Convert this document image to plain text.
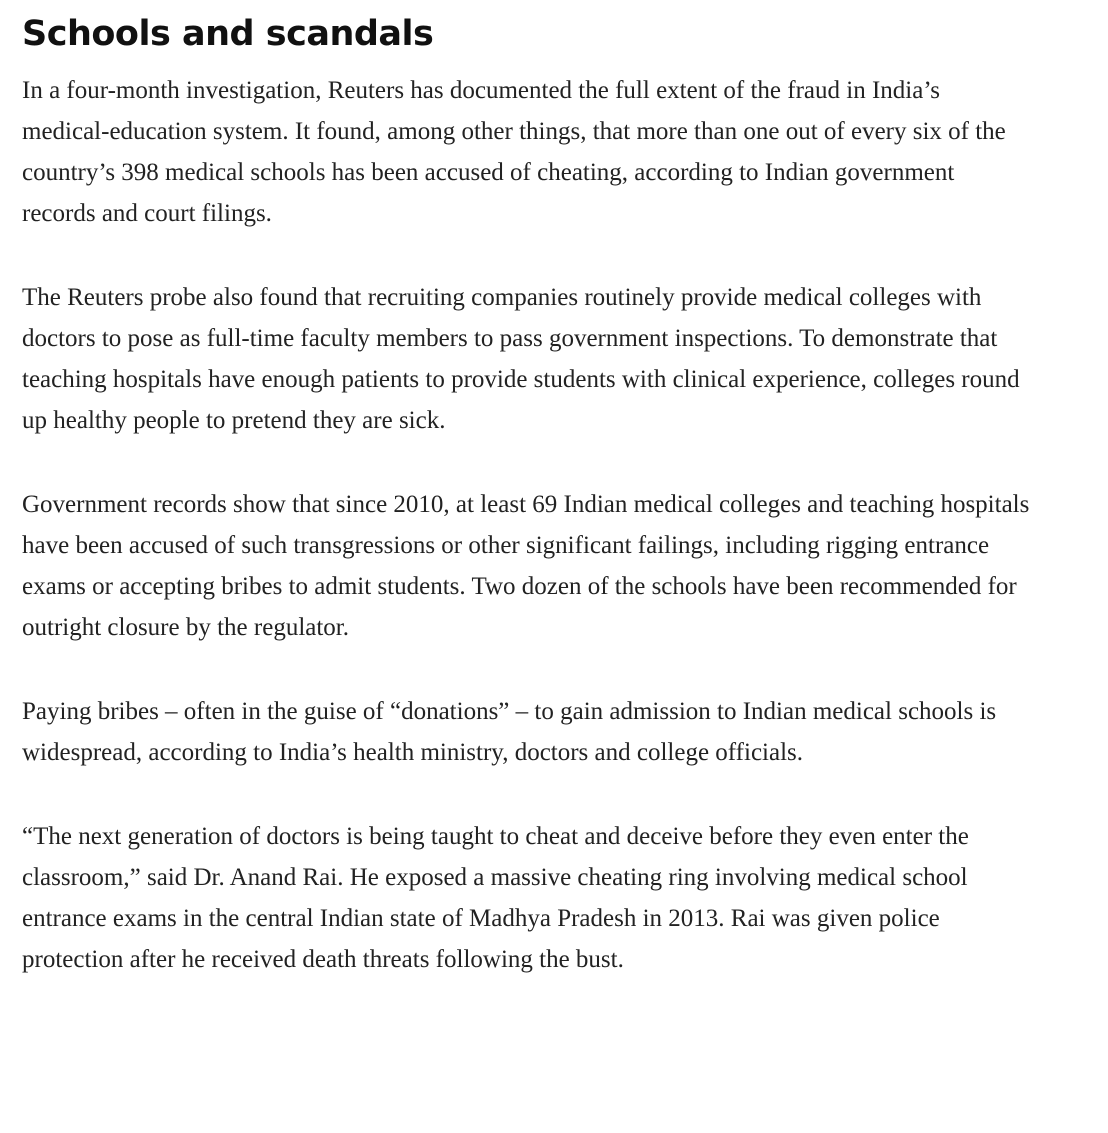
Schools and scandals

In a four-month investigation, Reuters has documented the full extent of the fraud in India’s medical-education system. It found, among other things, that more than one out of every six of the country’s 398 medical schools has been accused of cheating, according to Indian government records and court filings.

The Reuters probe also found that recruiting companies routinely provide medical colleges with doctors to pose as full-time faculty members to pass government inspections. To demonstrate that teaching hospitals have enough patients to provide students with clinical experience, colleges round up healthy people to pretend they are sick.

Government records show that since 2010, at least 69 Indian medical colleges and teaching hospitals have been accused of such transgressions or other significant failings, including rigging entrance exams or accepting bribes to admit students. Two dozen of the schools have been recommended for outright closure by the regulator.

Paying bribes – often in the guise of “donations” – to gain admission to Indian medical schools is widespread, according to India’s health ministry, doctors and college officials.

“The next generation of doctors is being taught to cheat and deceive before they even enter the classroom,” said Dr. Anand Rai. He exposed a massive cheating ring involving medical school entrance exams in the central Indian state of Madhya Pradesh in 2013. Rai was given police protection after he received death threats following the bust.
